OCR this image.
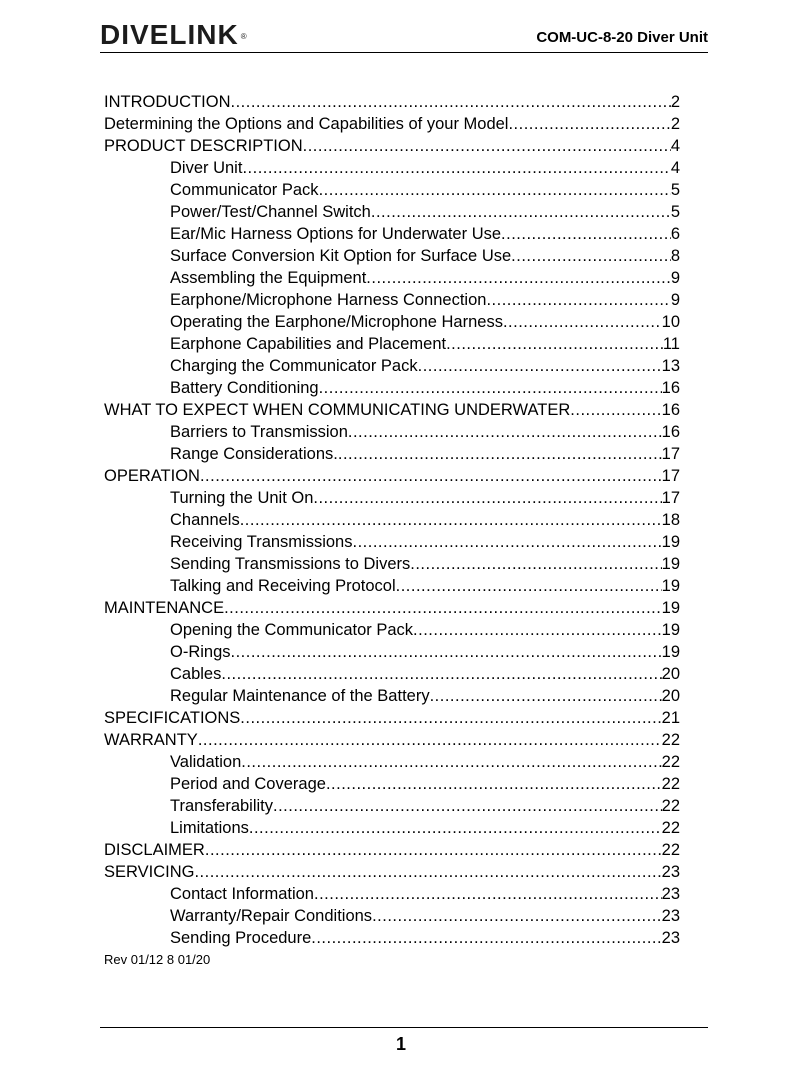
DIVELINK ®	COM-UC-8-20 Diver Unit
INTRODUCTION .....	2
Determining the Options and Capabilities of your Model .....	2
PRODUCT DESCRIPTION .....	4
Diver Unit .....	4
Communicator Pack .....	5
Power/Test/Channel Switch .....	5
Ear/Mic Harness Options for Underwater Use .....	6
Surface Conversion Kit Option for Surface Use .....	8
Assembling the Equipment .....	9
Earphone/Microphone Harness Connection .....	9
Operating the Earphone/Microphone Harness .....	10
Earphone Capabilities and Placement .....	11
Charging the Communicator Pack .....	13
Battery Conditioning .....	16
WHAT TO EXPECT WHEN COMMUNICATING UNDERWATER .....	16
Barriers to Transmission .....	16
Range Considerations. .....	17
OPERATION .....	17
Turning the Unit On .....	17
Channels .....	18
Receiving Transmissions .....	19
Sending Transmissions to Divers .....	19
Talking and Receiving Protocol .....	19
MAINTENANCE .....	19
Opening the Communicator Pack .....	19
O-Rings .....	19
Cables .....	20
Regular Maintenance of the Battery .....	20
SPECIFICATIONS .....	21
WARRANTY .....	22
Validation .....	22
Period and Coverage .....	22
Transferability .....	22
Limitations .....	22
DISCLAIMER .....	22
SERVICING .....	23
Contact Information .....	23
Warranty/Repair Conditions .....	23
Sending Procedure .....	23
Rev 01/12 8 01/20
1
